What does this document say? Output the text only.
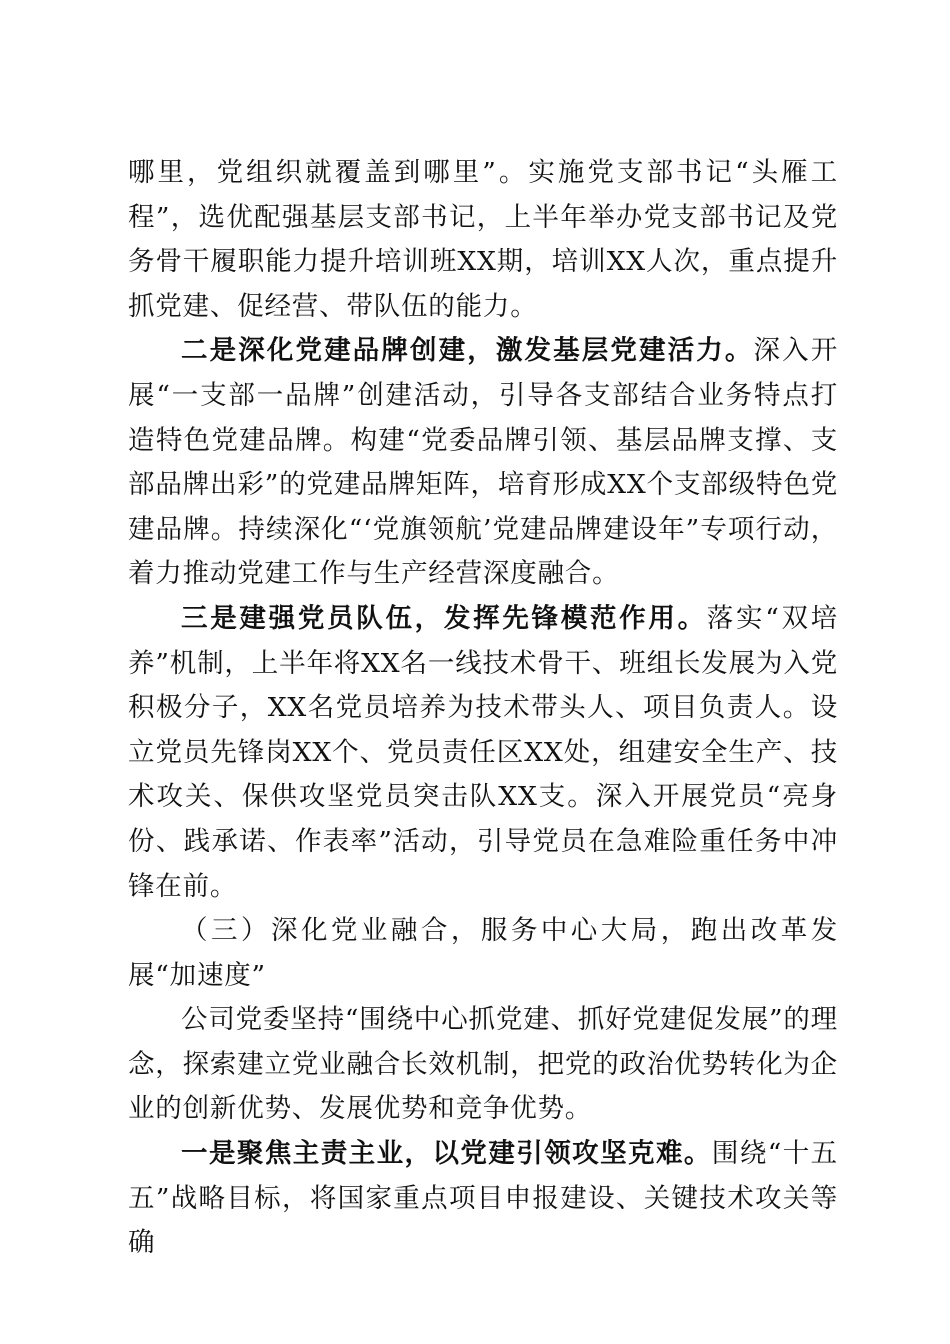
哪里，党组织就覆盖到哪里”。实施党支部书记“头雁工程”，选优配强基层支部书记，上半年举办党支部书记及党务骨干履职能力提升培训班XX期，培训XX人次，重点提升抓党建、促经营、带队伍的能力。

二是深化党建品牌创建，激发基层党建活力。深入开展“一支部一品牌”创建活动，引导各支部结合业务特点打造特色党建品牌。构建“党委品牌引领、基层品牌支撑、支部品牌出彩”的党建品牌矩阵，培育形成XX个支部级特色党建品牌。持续深化“‘党旗领航’党建品牌建设年”专项行动，着力推动党建工作与生产经营深度融合。

三是建强党员队伍，发挥先锋模范作用。落实“双培养”机制，上半年将XX名一线技术骨干、班组长发展为入党积极分子，XX名党员培养为技术带头人、项目负责人。设立党员先锋岗XX个、党员责任区XX处，组建安全生产、技术攻关、保供攻坚党员突击队XX支。深入开展党员“亮身份、践承诺、作表率”活动，引导党员在急难险重任务中冲锋在前。

（三）深化党业融合，服务中心大局，跑出改革发展“加速度”

公司党委坚持“围绕中心抓党建、抓好党建促发展”的理念，探索建立党业融合长效机制，把党的政治优势转化为企业的创新优势、发展优势和竞争优势。

一是聚焦主责主业，以党建引领攻坚克难。围绕“十五五”战略目标，将国家重点项目申报建设、关键技术攻关等确
